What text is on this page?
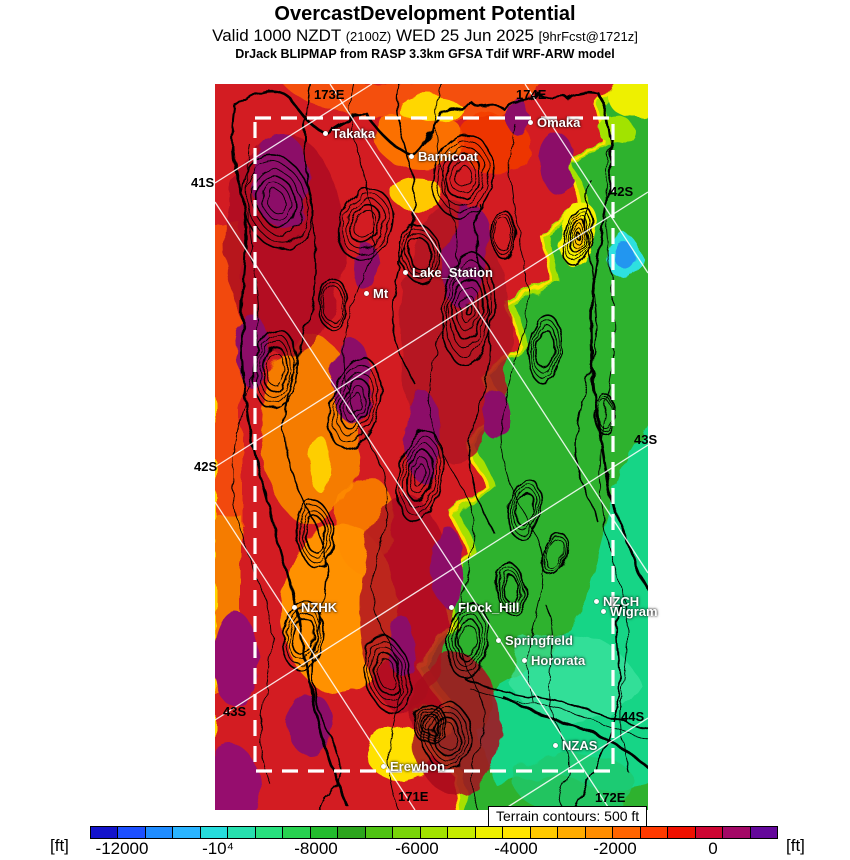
OvercastDevelopment Potential
Valid 1000 NZDT (2100Z) WED 25 Jun 2025 [9hrFcst@1721z]
DrJack BLIPMAP from RASP 3.3km GFSA Tdif WRF-ARW model
Takaka
Barnicoat
Omaka
Lake_Station
Mt
NZHK	Flock_Hill
Springfield
Hororata
NZCH
Wigram
NZAS
Erewhon
41S
42S
43S
42S
43S
44S
173E	174E
171E	172E
Terrain contours: 500 ft
[ft]	[ft]
-12000	-10⁴	-8000	-6000	-4000	-2000	0
